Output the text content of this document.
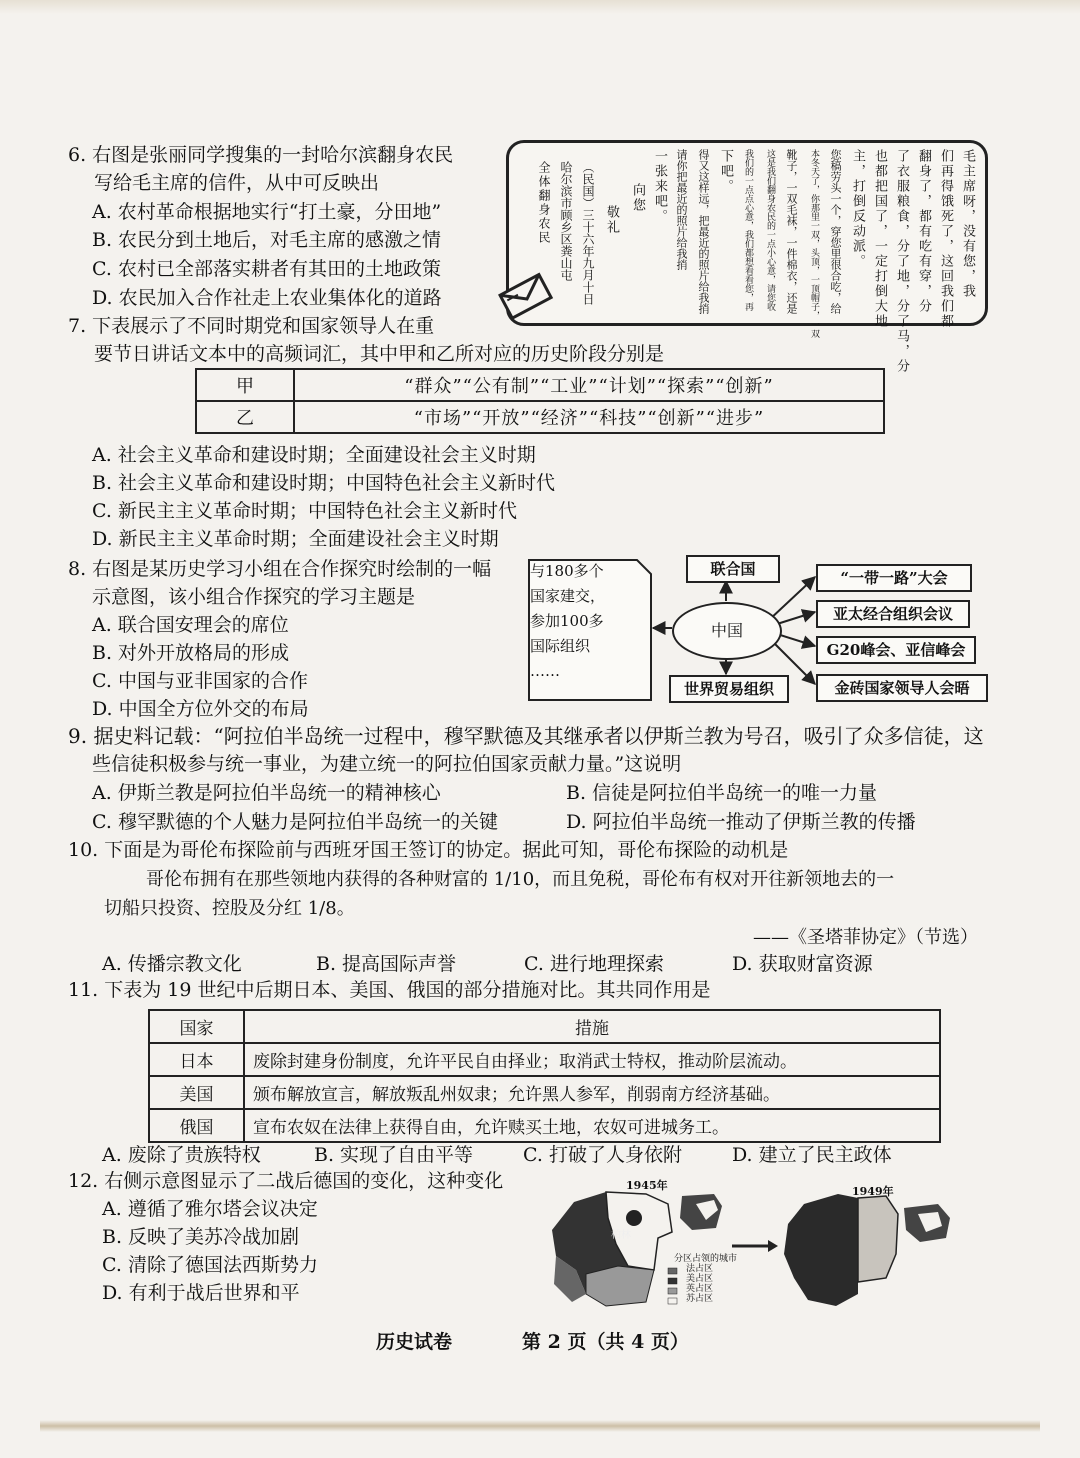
6. 右图是张丽同学搜集的一封哈尔滨翻身农民
写给毛主席的信件，从中可反映出
A. 农村革命根据地实行“打土豪，分田地”
B. 农民分到土地后，对毛主席的感激之情
C. 农村已全部落实耕者有其田的土地政策
D. 农民加入合作社走上农业集体化的道路	毛主席呀，没有您，我
们再得饿死了，这回我们都
翻身了，都有吃有穿，分
了衣服粮食，分了地，分了马，分
也都把国了，一定打倒大地
主，打倒反动派。
您稿劳头一个，穿您里很合吃，给
本冬天了，你那里一双，头顶，一顶帽子，一双
靴子，一双毛袜，一件棉衣，还是
这是我们翻身农民的一点小心意，请您收
我们的一点点心意，我们都想看看您，再
下吧。
得又这样远，把最近的照片给我捎
请你把最近的照片给我捎
一张来吧。
向您
敬礼
（民国）三十六年九月十日
哈尔滨市顾乡区粪山屯
全体翻身农民
7. 下表展示了不同时期党和国家领导人在重
要节日讲话文本中的高频词汇，其中甲和乙所对应的历史阶段分别是
甲	“群众”“公有制”“工业”“计划”“探索”“创新”
乙	“市场”“开放”“经济”“科技”“创新”“进步”
A. 社会主义革命和建设时期；全面建设社会主义时期
B. 社会主义革命和建设时期；中国特色社会主义新时代
C. 新民主主义革命时期；中国特色社会主义新时代
D. 新民主主义革命时期；全面建设社会主义时期
8. 右图是某历史学习小组在合作探究时绘制的一幅
示意图，该小组合作探究的学习主题是
A. 联合国安理会的席位
B. 对外开放格局的形成
C. 中国与亚非国家的合作
D. 中国全方位外交的布局
与180多个
国家建交，
参加100多
国际组织
……
中国
联合国
世界贸易组织
“一带一路”大会
亚太经合组织会议
G20峰会、亚信峰会
金砖国家领导人会晤
9. 据史料记载：“阿拉伯半岛统一过程中，穆罕默德及其继承者以伊斯兰教为号召，吸引了众多信徒，这
些信徒积极参与统一事业，为建立统一的阿拉伯国家贡献力量。”这说明
A. 伊斯兰教是阿拉伯半岛统一的精神核心	B. 信徒是阿拉伯半岛统一的唯一力量
C. 穆罕默德的个人魅力是阿拉伯半岛统一的关键	D. 阿拉伯半岛统一推动了伊斯兰教的传播
10. 下面是为哥伦布探险前与西班牙国王签订的协定。据此可知，哥伦布探险的动机是
哥伦布拥有在那些领地内获得的各种财富的 1/10，而且免税，哥伦布有权对开往新领地去的一
切船只投资、控股及分红 1/8。
——《圣塔菲协定》（节选）
A. 传播宗教文化	B. 提高国际声誉	C. 进行地理探索	D. 获取财富资源
11. 下表为 19 世纪中后期日本、美国、俄国的部分措施对比。其共同作用是
国家	措施
日本	废除封建身份制度，允许平民自由择业；取消武士特权，推动阶层流动。
美国	颁布解放宣言，解放叛乱州奴隶；允许黑人参军，削弱南方经济基础。
俄国	宣布农奴在法律上获得自由，允许赎买土地，农奴可进城务工。
A. 废除了贵族特权	B. 实现了自由平等	C. 打破了人身依附	D. 建立了民主政体
12. 右侧示意图显示了二战后德国的变化，这种变化
A. 遵循了雅尔塔会议决定
B. 反映了美苏冷战加剧
C. 清除了德国法西斯势力
D. 有利于战后世界和平
1945年	1949年
柏林
分区占领的城市
法占区
美占区
英占区
苏占区
历史试卷	第 2 页（共 4 页）
